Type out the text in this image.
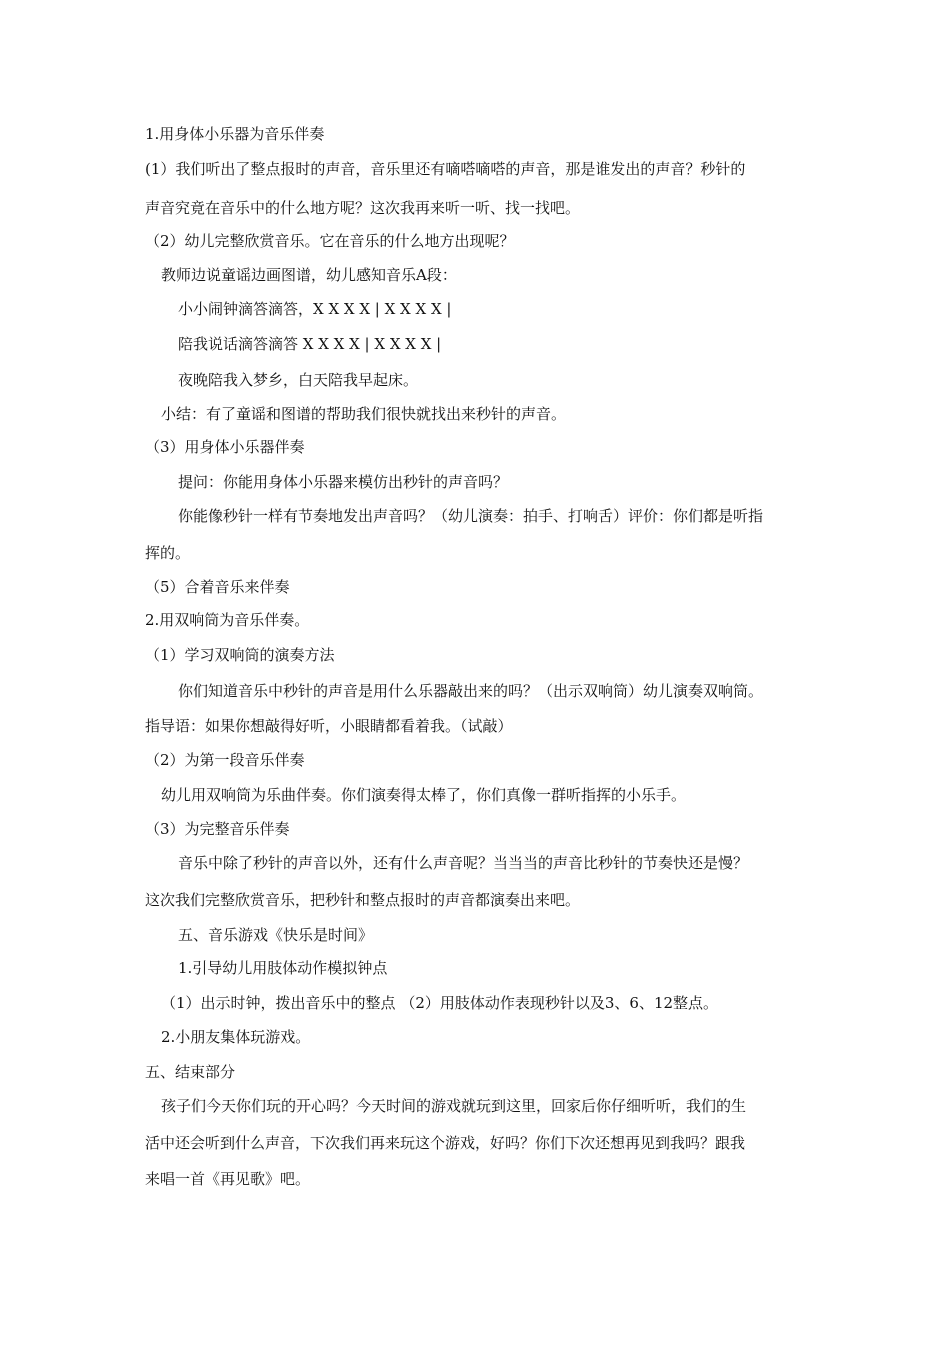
1.用身体小乐器为音乐伴奏
(1）我们听出了整点报时的声音，音乐里还有嘀嗒嘀嗒的声音，那是谁发出的声音？秒针的
声音究竟在音乐中的什么地方呢？这次我再来听一听、找一找吧。
（2）幼儿完整欣赏音乐。它在音乐的什么地方出现呢？
教师边说童谣边画图谱，幼儿感知音乐A段：
小小闹钟滴答滴答，X X X X | X X X X |
陪我说话滴答滴答 X X X X | X X X X |
夜晚陪我入梦乡，白天陪我早起床。
小结：有了童谣和图谱的帮助我们很快就找出来秒针的声音。
（3）用身体小乐器伴奏
提问：你能用身体小乐器来模仿出秒针的声音吗？
你能像秒针一样有节奏地发出声音吗？（幼儿演奏：拍手、打响舌）评价：你们都是听指
挥的。
（5）合着音乐来伴奏
2.用双响筒为音乐伴奏。
（1）学习双响筒的演奏方法
你们知道音乐中秒针的声音是用什么乐器敲出来的吗？（出示双响筒）幼儿演奏双响筒。
指导语：如果你想敲得好听，小眼睛都看着我。（试敲）
（2）为第一段音乐伴奏
幼儿用双响筒为乐曲伴奏。你们演奏得太棒了，你们真像一群听指挥的小乐手。
（3）为完整音乐伴奏
音乐中除了秒针的声音以外，还有什么声音呢？当当当的声音比秒针的节奏快还是慢？
这次我们完整欣赏音乐，把秒针和整点报时的声音都演奏出来吧。
五、音乐游戏《快乐是时间》
1.引导幼儿用肢体动作模拟钟点
（1）出示时钟，拨出音乐中的整点 （2）用肢体动作表现秒针以及3、6、12整点。
2.小朋友集体玩游戏。
五、结束部分
孩子们今天你们玩的开心吗？今天时间的游戏就玩到这里，回家后你仔细听听，我们的生
活中还会听到什么声音，下次我们再来玩这个游戏，好吗？你们下次还想再见到我吗？跟我
来唱一首《再见歌》吧。
